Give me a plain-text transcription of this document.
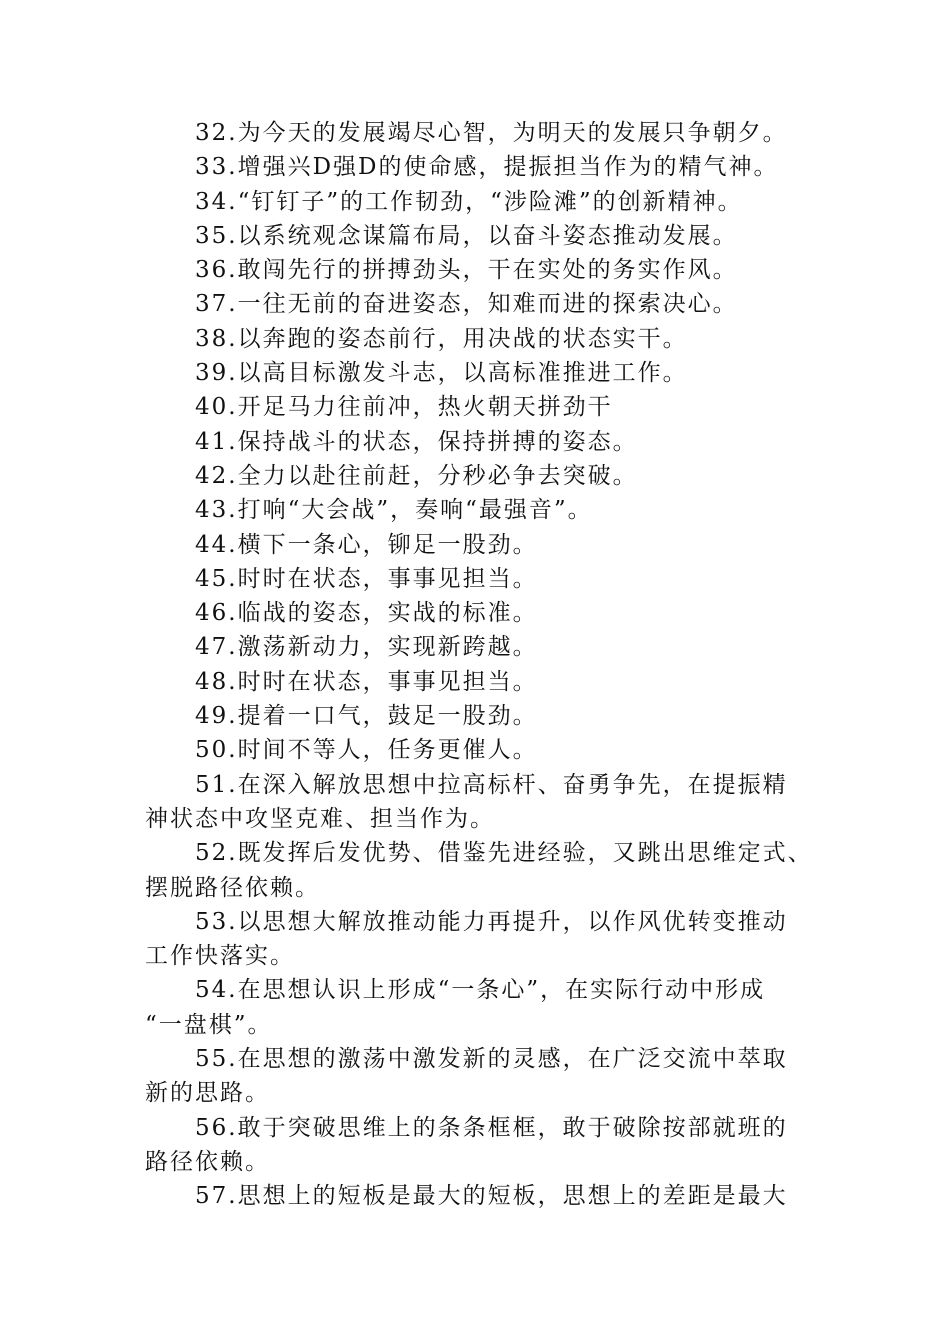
32.为今天的发展竭尽心智，为明天的发展只争朝夕。
33.增强兴D强D的使命感，提振担当作为的精气神。
34.“钉钉子”的工作韧劲，“涉险滩”的创新精神。
35.以系统观念谋篇布局，以奋斗姿态推动发展。
36.敢闯先行的拼搏劲头，干在实处的务实作风。
37.一往无前的奋进姿态，知难而进的探索决心。
38.以奔跑的姿态前行，用决战的状态实干。
39.以高目标激发斗志，以高标准推进工作。
40.开足马力往前冲，热火朝天拼劲干
41.保持战斗的状态，保持拼搏的姿态。
42.全力以赴往前赶，分秒必争去突破。
43.打响“大会战”，奏响“最强音”。
44.横下一条心，铆足一股劲。
45.时时在状态，事事见担当。
46.临战的姿态，实战的标准。
47.激荡新动力，实现新跨越。
48.时时在状态，事事见担当。
49.提着一口气，鼓足一股劲。
50.时间不等人，任务更催人。
51.在深入解放思想中拉高标杆、奋勇争先，在提振精
神状态中攻坚克难、担当作为。
52.既发挥后发优势、借鉴先进经验，又跳出思维定式、
摆脱路径依赖。
53.以思想大解放推动能力再提升，以作风优转变推动
工作快落实。
54.在思想认识上形成“一条心”，在实际行动中形成
“一盘棋”。
55.在思想的激荡中激发新的灵感，在广泛交流中萃取
新的思路。
56.敢于突破思维上的条条框框，敢于破除按部就班的
路径依赖。
57.思想上的短板是最大的短板，思想上的差距是最大
